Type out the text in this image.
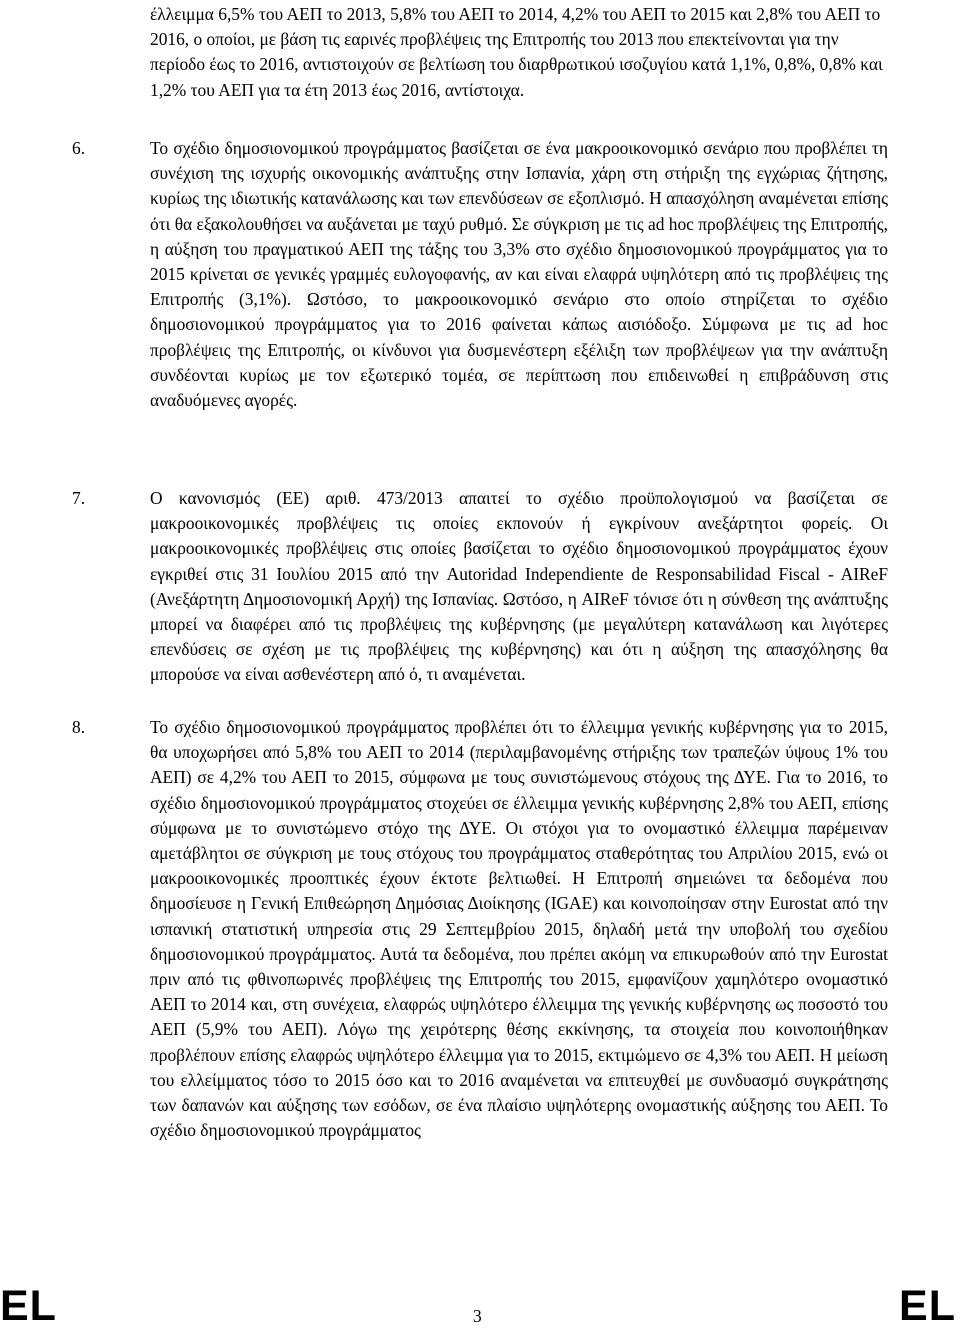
έλλειμμα 6,5% του ΑΕΠ το 2013, 5,8% του ΑΕΠ το 2014, 4,2% του ΑΕΠ το 2015 και 2,8% του ΑΕΠ το 2016, ο οποίοι, με βάση τις εαρινές προβλέψεις της Επιτροπής του 2013 που επεκτείνονται για την περίοδο έως το 2016, αντιστοιχούν σε βελτίωση του διαρθρωτικού ισοζυγίου κατά 1,1%, 0,8%, 0,8% και 1,2% του ΑΕΠ για τα έτη 2013 έως 2016, αντίστοιχα.
6.	Το σχέδιο δημοσιονομικού προγράμματος βασίζεται σε ένα μακροοικονομικό σενάριο που προβλέπει τη συνέχιση της ισχυρής οικονομικής ανάπτυξης στην Ισπανία, χάρη στη στήριξη της εγχώριας ζήτησης, κυρίως της ιδιωτικής κατανάλωσης και των επενδύσεων σε εξοπλισμό. Η απασχόληση αναμένεται επίσης ότι θα εξακολουθήσει να αυξάνεται με ταχύ ρυθμό. Σε σύγκριση με τις ad hoc προβλέψεις της Επιτροπής, η αύξηση του πραγματικού ΑΕΠ της τάξης του 3,3% στο σχέδιο δημοσιονομικού προγράμματος για το 2015 κρίνεται σε γενικές γραμμές ευλογοφανής, αν και είναι ελαφρά υψηλότερη από τις προβλέψεις της Επιτροπής (3,1%). Ωστόσο, το μακροοικονομικό σενάριο στο οποίο στηρίζεται το σχέδιο δημοσιονομικού προγράμματος για το 2016 φαίνεται κάπως αισιόδοξο. Σύμφωνα με τις ad hoc προβλέψεις της Επιτροπής, οι κίνδυνοι για δυσμενέστερη εξέλιξη των προβλέψεων για την ανάπτυξη συνδέονται κυρίως με τον εξωτερικό τομέα, σε περίπτωση που επιδεινωθεί η επιβράδυνση στις αναδυόμενες αγορές.
7.	Ο κανονισμός (ΕΕ) αριθ. 473/2013 απαιτεί το σχέδιο προϋπολογισμού να βασίζεται σε μακροοικονομικές προβλέψεις τις οποίες εκπονούν ή εγκρίνουν ανεξάρτητοι φορείς. Οι μακροοικονομικές προβλέψεις στις οποίες βασίζεται το σχέδιο δημοσιονομικού προγράμματος έχουν εγκριθεί στις 31 Ιουλίου 2015 από την Autoridad Independiente de Responsabilidad Fiscal - AIReF (Ανεξάρτητη Δημοσιονομική Αρχή) της Ισπανίας. Ωστόσο, η AIReF τόνισε ότι η σύνθεση της ανάπτυξης μπορεί να διαφέρει από τις προβλέψεις της κυβέρνησης (με μεγαλύτερη κατανάλωση και λιγότερες επενδύσεις σε σχέση με τις προβλέψεις της κυβέρνησης) και ότι η αύξηση της απασχόλησης θα μπορούσε να είναι ασθενέστερη από ό, τι αναμένεται.
8.	Το σχέδιο δημοσιονομικού προγράμματος προβλέπει ότι το έλλειμμα γενικής κυβέρνησης για το 2015, θα υποχωρήσει από 5,8% του ΑΕΠ το 2014 (περιλαμβανομένης στήριξης των τραπεζών ύψους 1% του ΑΕΠ) σε 4,2% του ΑΕΠ το 2015, σύμφωνα με τους συνιστώμενους στόχους της ΔΥΕ. Για το 2016, το σχέδιο δημοσιονομικού προγράμματος στοχεύει σε έλλειμμα γενικής κυβέρνησης 2,8% του ΑΕΠ, επίσης σύμφωνα με το συνιστώμενο στόχο της ΔΥΕ. Οι στόχοι για το ονομαστικό έλλειμμα παρέμειναν αμετάβλητοι σε σύγκριση με τους στόχους του προγράμματος σταθερότητας του Απριλίου 2015, ενώ οι μακροοικονομικές προοπτικές έχουν έκτοτε βελτιωθεί. Η Επιτροπή σημειώνει τα δεδομένα που δημοσίευσε η Γενική Επιθεώρηση Δημόσιας Διοίκησης (IGAE) και κοινοποίησαν στην Eurostat από την ισπανική στατιστική υπηρεσία στις 29 Σεπτεμβρίου 2015, δηλαδή μετά την υποβολή του σχεδίου δημοσιονομικού προγράμματος. Αυτά τα δεδομένα, που πρέπει ακόμη να επικυρωθούν από την Eurostat πριν από τις φθινοπωρινές προβλέψεις της Επιτροπής του 2015, εμφανίζουν χαμηλότερο ονομαστικό ΑΕΠ το 2014 και, στη συνέχεια, ελαφρώς υψηλότερο έλλειμμα της γενικής κυβέρνησης ως ποσοστό του ΑΕΠ (5,9% του ΑΕΠ). Λόγω της χειρότερης θέσης εκκίνησης, τα στοιχεία που κοινοποιήθηκαν προβλέπουν επίσης ελαφρώς υψηλότερο έλλειμμα για το 2015, εκτιμώμενο σε 4,3% του ΑΕΠ. Η μείωση του ελλείμματος τόσο το 2015 όσο και το 2016 αναμένεται να επιτευχθεί με συνδυασμό συγκράτησης των δαπανών και αύξησης των εσόδων, σε ένα πλαίσιο υψηλότερης ονομαστικής αύξησης του ΑΕΠ. Το σχέδιο δημοσιονομικού προγράμματος
EL	3	EL
